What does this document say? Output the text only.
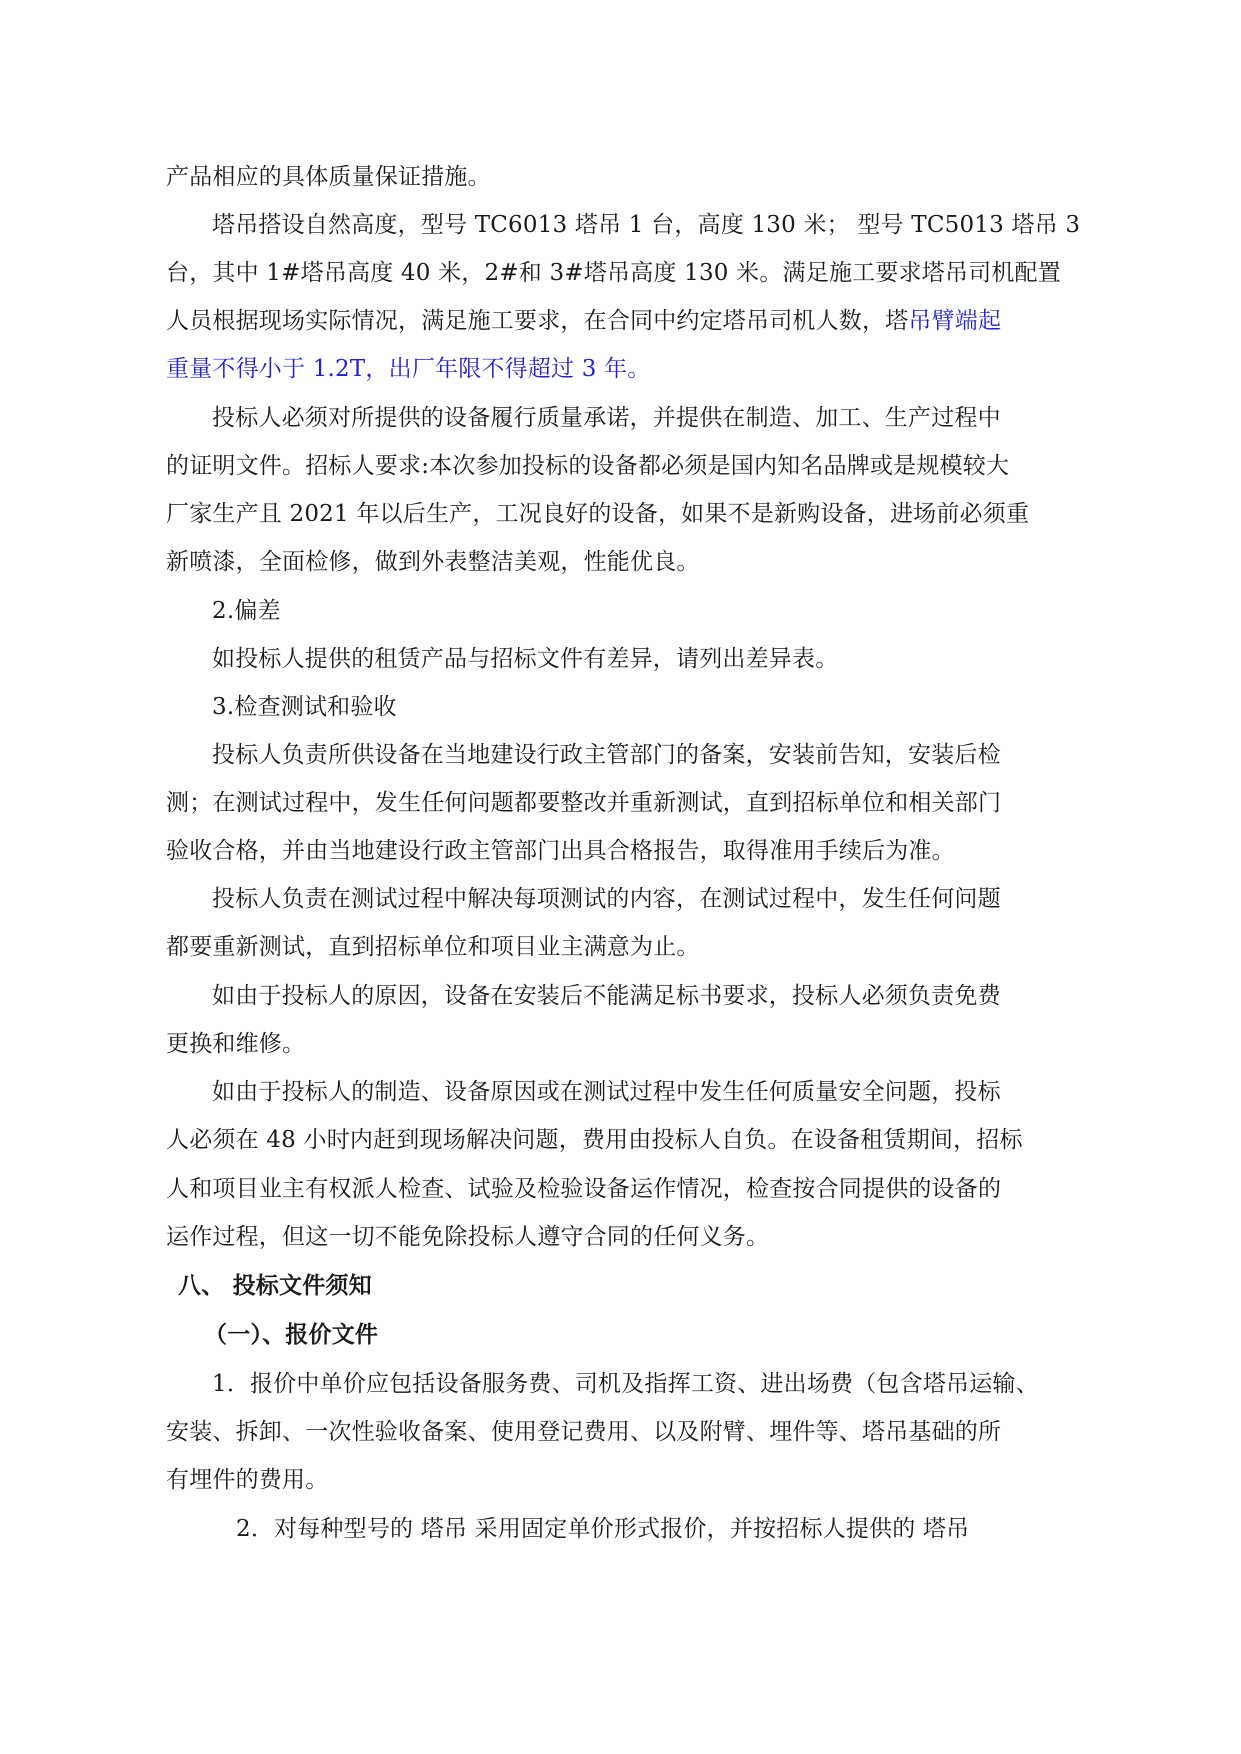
产品相应的具体质量保证措施。
塔吊搭设自然高度，型号 TC6013 塔吊 1 台，高度 130 米； 型号 TC5013 塔吊 3
台，其中 1#塔吊高度 40 米，2#和 3#塔吊高度 130 米。满足施工要求塔吊司机配置
人员根据现场实际情况，满足施工要求，在合同中约定塔吊司机人数，塔吊臂端起
重量不得小于 1.2T，出厂年限不得超过 3 年。
投标人必须对所提供的设备履行质量承诺，并提供在制造、加工、生产过程中
的证明文件。招标人要求:本次参加投标的设备都必须是国内知名品牌或是规模较大
厂家生产且 2021 年以后生产，工况良好的设备，如果不是新购设备，进场前必须重
新喷漆，全面检修，做到外表整洁美观，性能优良。
2.偏差
如投标人提供的租赁产品与招标文件有差异，请列出差异表。
3.检查测试和验收
投标人负责所供设备在当地建设行政主管部门的备案，安装前告知，安装后检
测；在测试过程中，发生任何问题都要整改并重新测试，直到招标单位和相关部门
验收合格，并由当地建设行政主管部门出具合格报告，取得准用手续后为准。
投标人负责在测试过程中解决每项测试的内容，在测试过程中，发生任何问题
都要重新测试，直到招标单位和项目业主满意为止。
如由于投标人的原因，设备在安装后不能满足标书要求，投标人必须负责免费
更换和维修。
如由于投标人的制造、设备原因或在测试过程中发生任何质量安全问题，投标
人必须在 48 小时内赶到现场解决问题，费用由投标人自负。在设备租赁期间，招标
人和项目业主有权派人检查、试验及检验设备运作情况，检查按合同提供的设备的
运作过程，但这一切不能免除投标人遵守合同的任何义务。
八、 投标文件须知
（一）、报价文件
1．报价中单价应包括设备服务费、司机及指挥工资、进出场费（包含塔吊运输、
安装、拆卸、一次性验收备案、使用登记费用、以及附臂、埋件等、塔吊基础的所
有埋件的费用。
2．对每种型号的 塔吊 采用固定单价形式报价，并按招标人提供的 塔吊
